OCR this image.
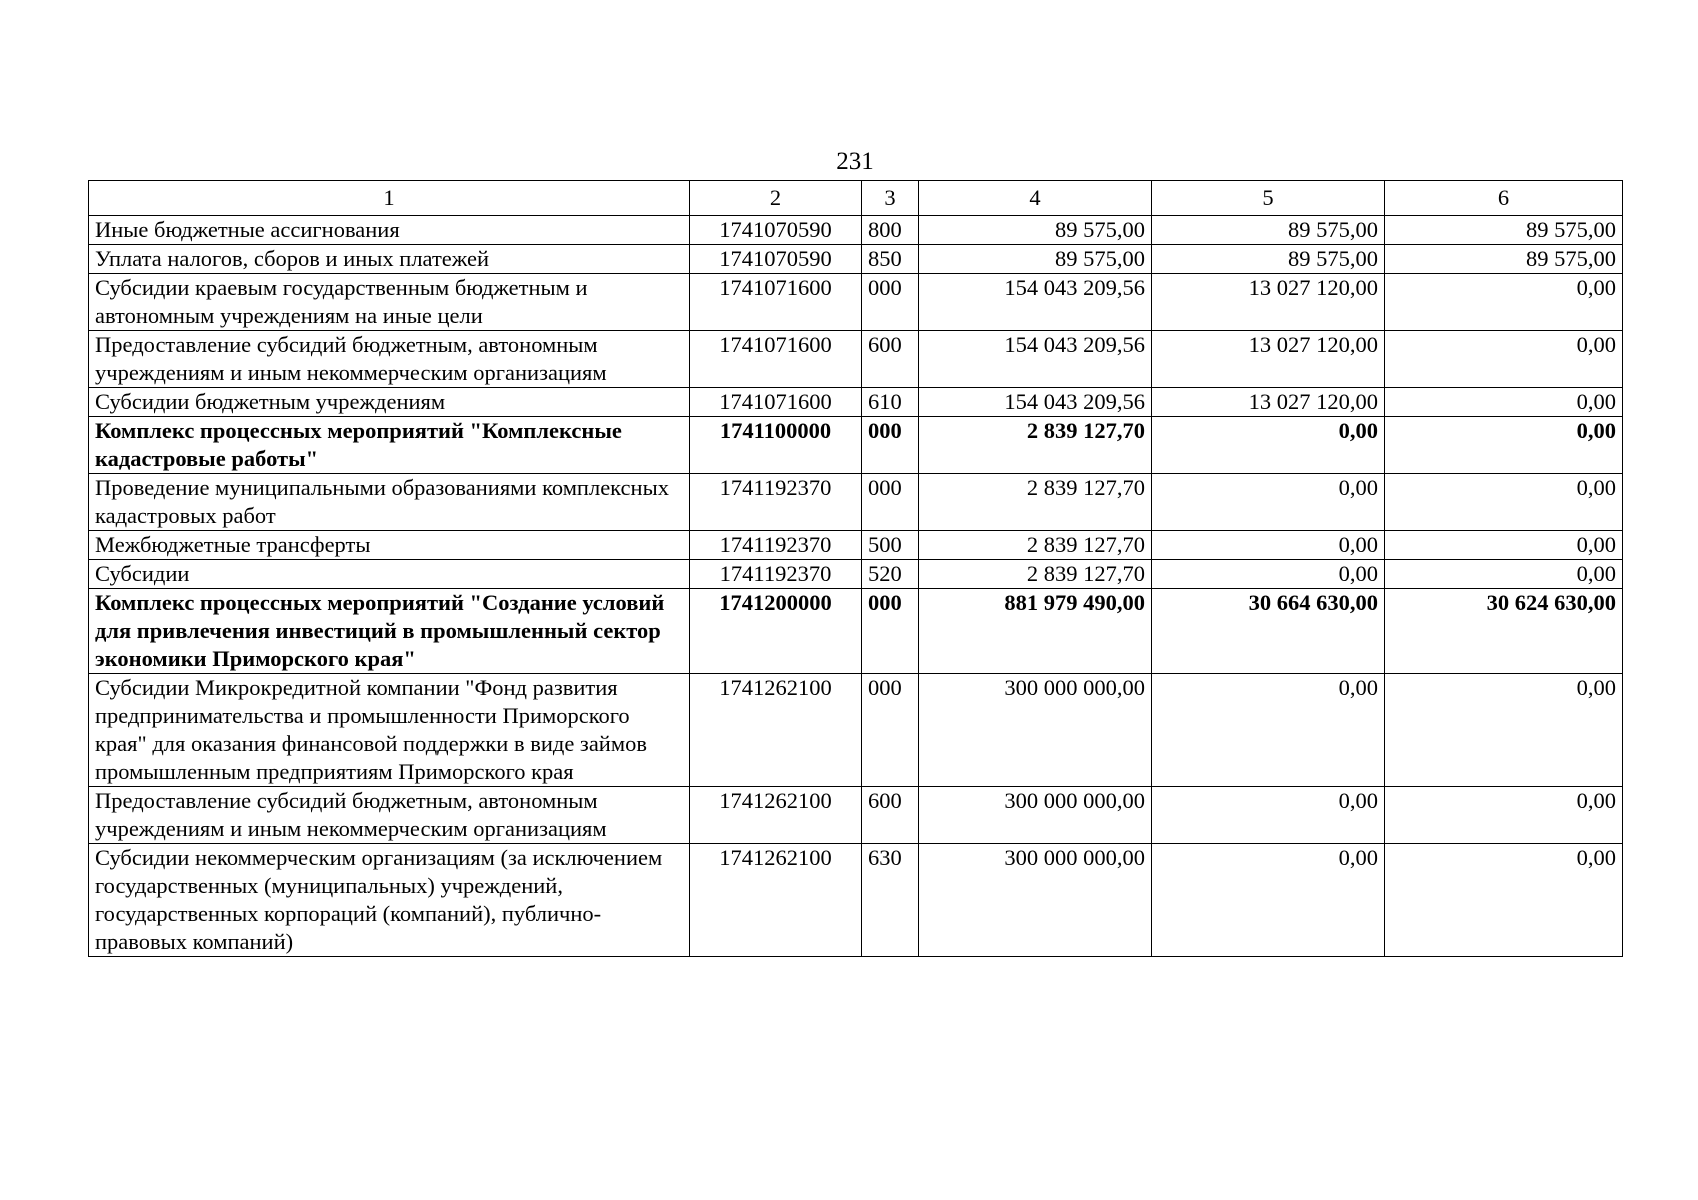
231
1	2	3	4	5	6
Иные бюджетные ассигнования	1741070590	800	89 575,00	89 575,00	89 575,00
Уплата налогов, сборов и иных платежей	1741070590	850	89 575,00	89 575,00	89 575,00
Субсидии краевым государственным бюджетным и автономным учреждениям на иные цели	1741071600	000	154 043 209,56	13 027 120,00	0,00
Предоставление субсидий бюджетным, автономным учреждениям и иным некоммерческим организациям	1741071600	600	154 043 209,56	13 027 120,00	0,00
Субсидии бюджетным учреждениям	1741071600	610	154 043 209,56	13 027 120,00	0,00
Комплекс процессных мероприятий "Комплексные кадастровые работы"	1741100000	000	2 839 127,70	0,00	0,00
Проведение муниципальными образованиями комплексных кадастровых работ	1741192370	000	2 839 127,70	0,00	0,00
Межбюджетные трансферты	1741192370	500	2 839 127,70	0,00	0,00
Субсидии	1741192370	520	2 839 127,70	0,00	0,00
Комплекс процессных мероприятий "Создание условий для привлечения инвестиций в промышленный сектор экономики Приморского края"	1741200000	000	881 979 490,00	30 664 630,00	30 624 630,00
Субсидии Микрокредитной компании "Фонд развития предпринимательства и промышленности Приморского края" для оказания финансовой поддержки в виде займов промышленным предприятиям Приморского края	1741262100	000	300 000 000,00	0,00	0,00
Предоставление субсидий бюджетным, автономным учреждениям и иным некоммерческим организациям	1741262100	600	300 000 000,00	0,00	0,00
Субсидии некоммерческим организациям (за исключением государственных (муниципальных) учреждений, государственных корпораций (компаний), публично-правовых компаний)	1741262100	630	300 000 000,00	0,00	0,00
